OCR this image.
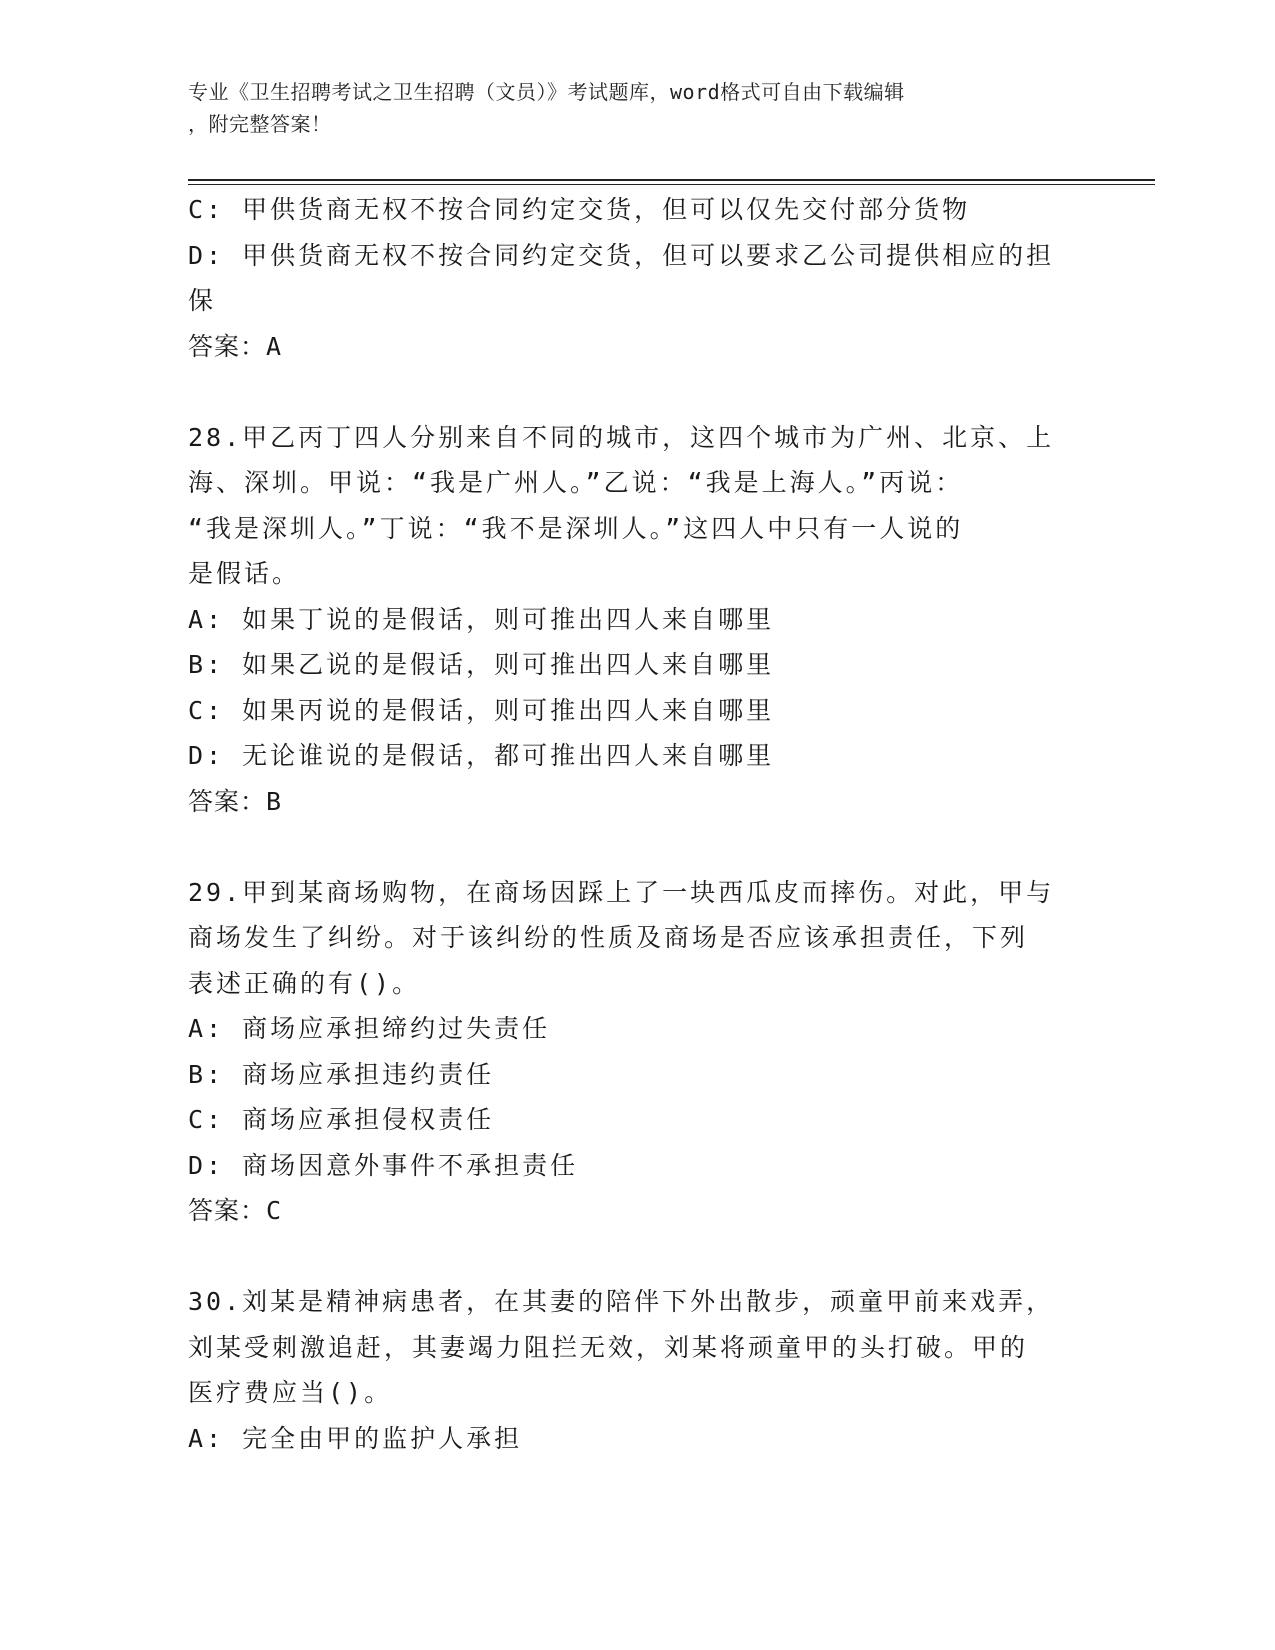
专业《卫生招聘考试之卫生招聘（文员）》考试题库，word格式可自由下载编辑
，附完整答案！
C: 甲供货商无权不按合同约定交货，但可以仅先交付部分货物
D: 甲供货商无权不按合同约定交货，但可以要求乙公司提供相应的担
保
答案：A
28.甲乙丙丁四人分别来自不同的城市，这四个城市为广州、北京、上
海、深圳。甲说：“我是广州人。”乙说：“我是上海人。”丙说：
“我是深圳人。”丁说：“我不是深圳人。”这四人中只有一人说的
是假话。
A: 如果丁说的是假话，则可推出四人来自哪里
B: 如果乙说的是假话，则可推出四人来自哪里
C: 如果丙说的是假话，则可推出四人来自哪里
D: 无论谁说的是假话，都可推出四人来自哪里
答案：B
29.甲到某商场购物，在商场因踩上了一块西瓜皮而摔伤。对此，甲与
商场发生了纠纷。对于该纠纷的性质及商场是否应该承担责任，下列
表述正确的有()。
A: 商场应承担缔约过失责任
B: 商场应承担违约责任
C: 商场应承担侵权责任
D: 商场因意外事件不承担责任
答案：C
30.刘某是精神病患者，在其妻的陪伴下外出散步，顽童甲前来戏弄，
刘某受刺激追赶，其妻竭力阻拦无效，刘某将顽童甲的头打破。甲的
医疗费应当()。
A: 完全由甲的监护人承担
